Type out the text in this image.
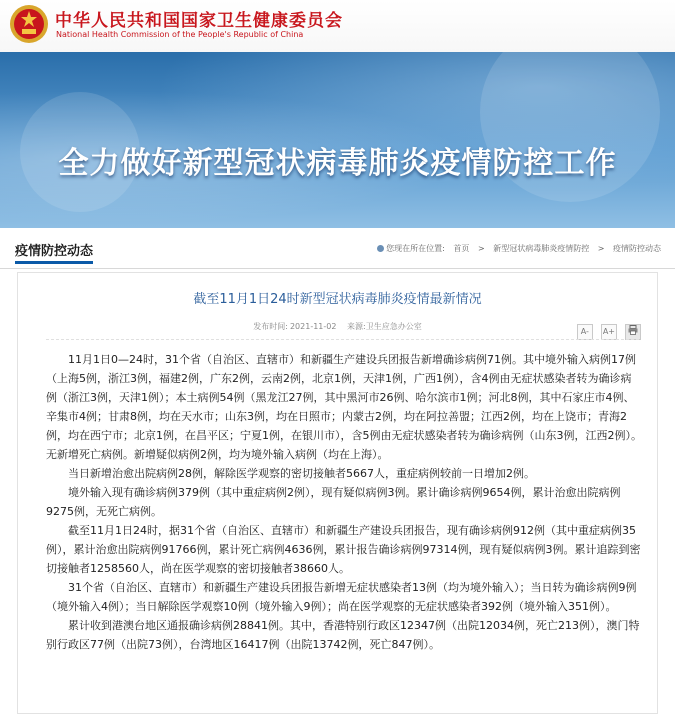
中华人民共和国国家卫生健康委员会
National Health Commission of the People's Republic of China
全力做好新型冠状病毒肺炎疫情防控工作
疫情防控动态	您现在所在位置: 首页 > 新型冠状病毒肺炎疫情防控 > 疫情防控动态
截至11月1日24时新型冠状病毒肺炎疫情最新情况
发布时间: 2021-11-02 来源:卫生应急办公室
A- A+

11月1日0—24时，31个省（自治区、直辖市）和新疆生产建设兵团报告新增确诊病例71例。其中境外输入病例17例（上海5例，浙江3例，福建2例，广东2例，云南2例，北京1例，天津1例，广西1例），含4例由无症状感染者转为确诊病例（浙江3例，天津1例）；本土病例54例（黑龙江27例，其中黑河市26例、哈尔滨市1例；河北8例，其中石家庄市4例、辛集市4例；甘肃8例，均在天水市；山东3例，均在日照市；内蒙古2例，均在阿拉善盟；江西2例，均在上饶市；青海2例，均在西宁市；北京1例，在昌平区；宁夏1例，在银川市），含5例由无症状感染者转为确诊病例（山东3例，江西2例）。无新增死亡病例。新增疑似病例2例，均为境外输入病例（均在上海）。

当日新增治愈出院病例28例，解除医学观察的密切接触者5667人，重症病例较前一日增加2例。

境外输入现有确诊病例379例（其中重症病例2例），现有疑似病例3例。累计确诊病例9654例，累计治愈出院病例9275例，无死亡病例。

截至11月1日24时，据31个省（自治区、直辖市）和新疆生产建设兵团报告，现有确诊病例912例（其中重症病例35例），累计治愈出院病例91766例，累计死亡病例4636例，累计报告确诊病例97314例，现有疑似病例3例。累计追踪到密切接触者1258560人，尚在医学观察的密切接触者38660人。

31个省（自治区、直辖市）和新疆生产建设兵团报告新增无症状感染者13例（均为境外输入）；当日转为确诊病例9例（境外输入4例）；当日解除医学观察10例（境外输入9例）；尚在医学观察的无症状感染者392例（境外输入351例）。

累计收到港澳台地区通报确诊病例28841例。其中，香港特别行政区12347例（出院12034例，死亡213例），澳门特别行政区77例（出院73例），台湾地区16417例（出院13742例，死亡847例）。
